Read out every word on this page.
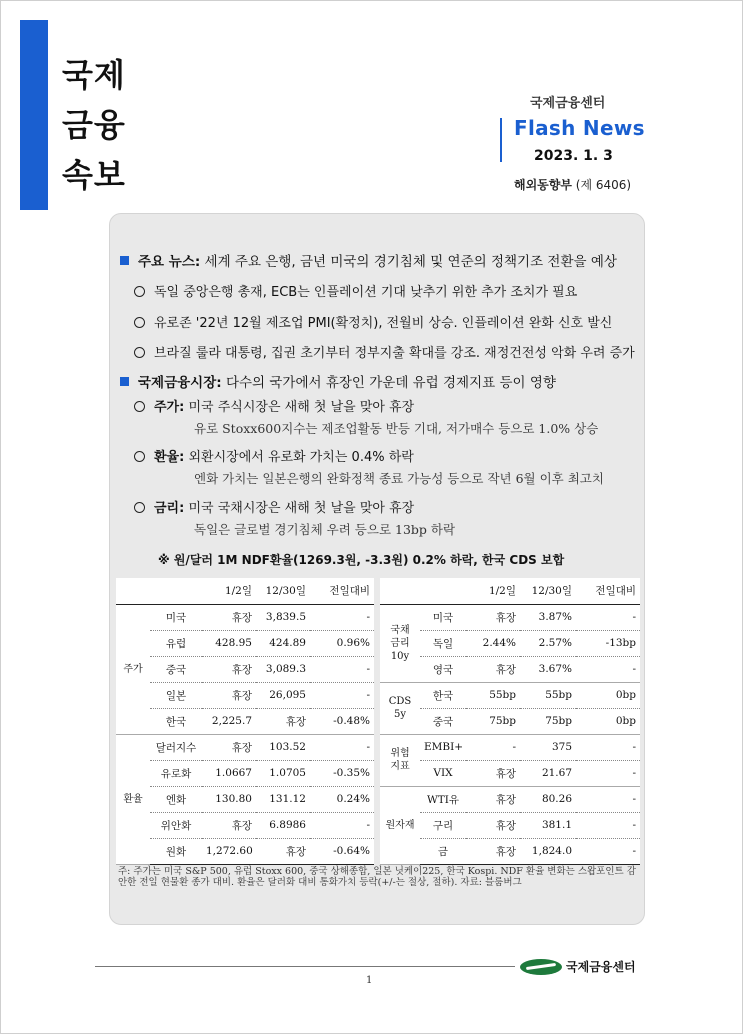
국제
금융
속보
국제금융센터
Flash News
2023. 1. 3
해외동향부 (제 6406)
주요 뉴스: 세계 주요 은행, 금년 미국의 경기침체 및 연준의 정책기조 전환을 예상
독일 중앙은행 총재, ECB는 인플레이션 기대 낮추기 위한 추가 조치가 필요
유로존 '22년 12월 제조업 PMI(확정치), 전월비 상승. 인플레이션 완화 신호 발신
브라질 룰라 대통령, 집권 초기부터 정부지출 확대를 강조. 재정건전성 악화 우려 증가
국제금융시장: 다수의 국가에서 휴장인 가운데 유럽 경제지표 등이 영향
주가: 미국 주식시장은 새해 첫 날을 맞아 휴장
유로 Stoxx600지수는 제조업활동 반등 기대, 저가매수 등으로 1.0% 상승
환율: 외환시장에서 유로화 가치는 0.4% 하락
엔화 가치는 일본은행의 완화정책 종료 가능성 등으로 작년 6월 이후 최고치
금리: 미국 국채시장은 새해 첫 날을 맞아 휴장
독일은 글로벌 경기침체 우려 등으로 13bp 하락
※ 원/달러 1M NDF환율(1269.3원, -3.3원) 0.2% 하락, 한국 CDS 보합
		1/2일	12/30일	전일대비
주가	미국	휴장	3,839.5	-
	유럽	428.95	424.89	0.96%
	중국	휴장	3,089.3	-
	일본	휴장	26,095	-
	한국	2,225.7	휴장	-0.48%
환율	달러지수	휴장	103.52	-
	유로화	1.0667	1.0705	-0.35%
	엔화	130.80	131.12	0.24%
	위안화	휴장	6.8986	-
	원화	1,272.60	휴장	-0.64%
		1/2일	12/30일	전일대비
국채 금리 10y	미국	휴장	3.87%	-
	독일	2.44%	2.57%	-13bp
	영국	휴장	3.67%	-
CDS 5y	한국	55bp	55bp	0bp
	중국	75bp	75bp	0bp
위험 지표	EMBI+	-	375	-
	VIX	휴장	21.67	-
원자재	WTI유	휴장	80.26	-
	구리	휴장	381.1	-
	금	휴장	1,824.0	-
주: 주가는 미국 S&P 500, 유럽 Stoxx 600, 중국 상해종합, 일본 닛케이225, 한국 Kospi. NDF 환율 변화는 스왑포인트 감안한 전일 현물환 종가 대비. 환율은 달러화 대비 통화가치 등락(+/-는 절상, 절하). 자료: 블룸버그
1
국제금융센터
